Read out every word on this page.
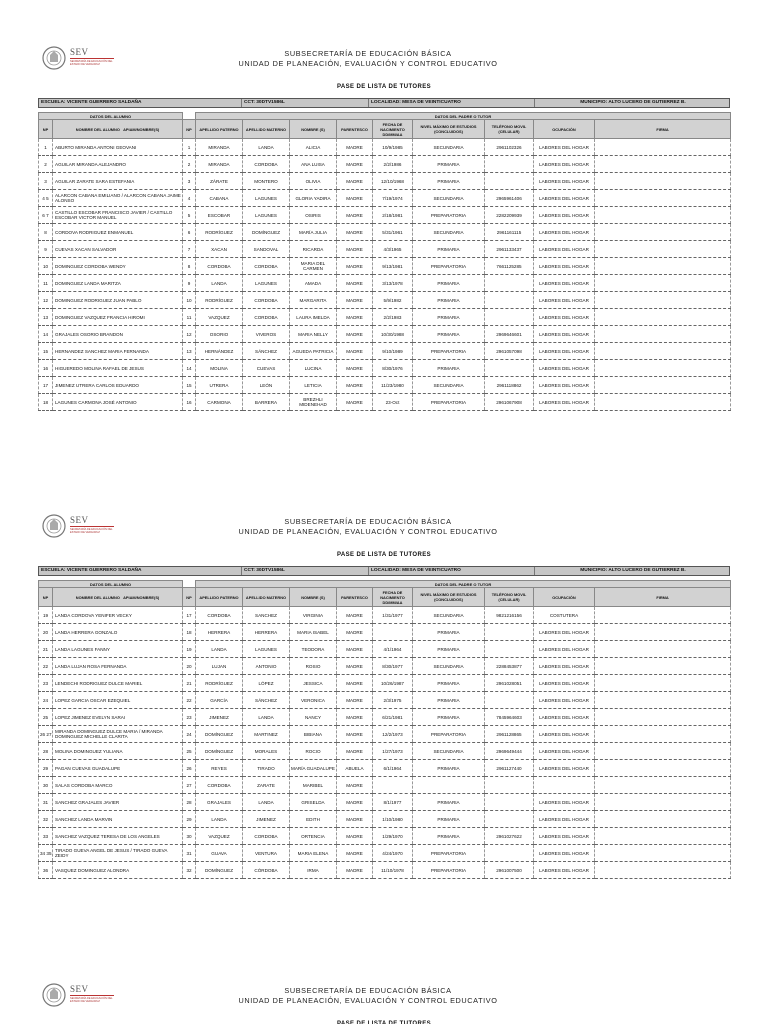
SEV
SECRETARÍA DE EDUCACIÓN DEL ESTADO DE VERACRUZ
SUBSECRETARÍA DE EDUCACIÓN BÁSICA
UNIDAD DE PLANEACIÓN, EVALUACIÓN Y CONTROL EDUCATIVO
PASE DE LISTA DE TUTORES
ESCUELA: VICENTE GUERRERO SALDAÑA	CCT: 30DTV1586L	LOCALIDAD: MESA DE VEINTICUATRO	MUNICIPIO: ALTO LUCERO DE GUTIERREZ B.
DATOS DEL ALUMNO			DATOS DEL PADRE O TUTOR								
NP	NOMBRE DEL ALUMNO APIAM/NOMBRE(S)	NP	APELLIDO PATERNO	APELLIDO MATERNO	NOMBRE (S)	PARENTESCO	FECHA DE NACIMIENTO DD/MM/AA	NIVEL MÁXIMO DE ESTUDIOS (CONCLUIDOS)	TELÉFONO MOVIL (CELULAR)	OCUPACIÓN	FIRMA
1	ABURTO MIRANDA ANTONI GEOVANI	1	MIRANDA	LANDA	ALICIA	MADRE	10/9/1985	SECUNDARIA	2961102326	LABORES DEL HOGAR	
2	AGUILAR MIRANDA ALEJANDRO	2	MIRANDA	CORDOBA	ANA LUISA	MADRE	2/2/1986	PRIMARIA		LABORES DEL HOGAR	
3	AGUILAR ZARATE SARA ESTEFANIA	3	ZÁRATE	MONTERO	OLIVIA	MADRE	12/10/1968	PRIMARIA		LABORES DEL HOGAR	
4 5	ALARCON CABANA EMILIANO / ALARCON CABANA JAIME ALONSO	4	CABANA	LAGUNES	GLORIA YADIRA	MADRE	7/19/1974	SECUNDARIA	2965961406	LABORES DEL HOGAR	
6 7	CASTILLO ESCOBAR FRANCISCO JAVIER / CASTILLO ESCOBAR VICTOR MANUEL	5	ESCOBAR	LAGUNES	OSIRIS	MADRE	2/18/1981	PREPARATORIA	2282209939	LABORES DEL HOGAR	
8	CORDOVA RODRIGUEZ ENMANUEL	6	RODRÍGUEZ	DOMÍNGUEZ	MARÍA JULIA	MADRE	5/31/1961	SECUNDARIA	2961161115	LABORES DEL HOGAR	
9	CUEVAS XACAN SALVADOR	7	XACAN	SANDOVAL	RICARDA	MADRE	4/3/1965	PRIMARIA	2961133437	LABORES DEL HOGAR	
10	DOMINGUEZ CORDOBA WENDY	8	CORDOBA	CORDOBA	MARIA DEL CARMEN	MADRE	9/13/1981	PREPARATORIA	7661125285	LABORES DEL HOGAR	
11	DOMINGUEZ LANDA MARITZA	9	LANDA	LAGUNES	AMADA	MADRE	3/13/1978	PRIMARIA		LABORES DEL HOGAR	
12	DOMINGUEZ RODRIGUEZ JUAN PABLO	10	RODRÍGUEZ	CORDOBA	MARGARITA	MADRE	5/9/1982	PRIMARIA		LABORES DEL HOGAR	
13	DOMINGUEZ VAZQUEZ FRANCIA HIROMI	11	VAZQUEZ	CORDOBA	LAURA IMELDA	MADRE	2/2/1983	PRIMARIA		LABORES DEL HOGAR	
14	GRAJALES OSORIO BRANDON	12	OSORIO	VIVEROS	MARIA NELLY	MADRE	10/30/1988	PRIMARIA	2969646601	LABORES DEL HOGAR	
15	HERNANDEZ SANCHEZ MARIA FERNANDA	13	HERNÁNDEZ	SÁNCHEZ	AGUEDA PATRICIA	MADRE	9/10/1989	PREPARATORIA	2961057098	LABORES DEL HOGAR	
16	HIGUEREDO MOLINA RAFAEL DE JESUS	14	MOLINA	CUEVAS	LUCINA	MADRE	8/30/1976	PRIMARIA		LABORES DEL HOGAR	
17	JIMENEZ UTRERA CARLOS EDUARDO	15	UTRERA	LEÓN	LETICIA	MADRE	11/23/1980	SECUNDARIA	2961118862	LABORES DEL HOGAR	
18	LAGUNES CARMONA JOSÉ ANTONIO	16	CARMONA	BARRERA	BREZHLI MIDENEHAD	MADRE	23-Oct	PREPARATORIA	2961067908	LABORES DEL HOGAR	
SEV
SECRETARÍA DE EDUCACIÓN DEL ESTADO DE VERACRUZ
SUBSECRETARÍA DE EDUCACIÓN BÁSICA
UNIDAD DE PLANEACIÓN, EVALUACIÓN Y CONTROL EDUCATIVO
PASE DE LISTA DE TUTORES
ESCUELA: VICENTE GUERRERO SALDAÑA	CCT: 30DTV1586L	LOCALIDAD: MESA DE VEINTICUATRO	MUNICIPIO: ALTO LUCERO DE GUTIERREZ B.
DATOS DEL ALUMNO			DATOS DEL PADRE O TUTOR								
NP	NOMBRE DEL ALUMNO APIAM/NOMBRE(S)	NP	APELLIDO PATERNO	APELLIDO MATERNO	NOMBRE (S)	PARENTESCO	FECHA DE NACIMIENTO DD/MM/AA	NIVEL MÁXIMO DE ESTUDIOS (CONCLUIDOS)	TELÉFONO MOVIL (CELULAR)	OCUPACIÓN	FIRMA
19	LANDA CORDOVA YENIFER VECKY	17	CORDOBA	SANCHEZ	VIRGINIA	MADRE	1/31/1977	SECUNDARIA	9821216156	COSTUTERA	
20	LANDA HERRERA GONZALO	18	HERRERA	HERRERA	MARIA ISABEL	MADRE		PRIMARIA		LABORES DEL HOGAR	
21	LANDA LAGUNES FANNY	19	LANDA	LAGUNES	TEODORA	MADRE	4/1/1964	PRIMARIA		LABORES DEL HOGAR	
22	LANDA LUJAN ROSA FERNANDA	20	LUJAN	ANTONIO	ROSIO	MADRE	8/30/1977	SECUNDARIA	2288453877	LABORES DEL HOGAR	
23	LENDECHI RODRIGUEZ DULCE MARIEL	21	RODRÍGUEZ	LÓPEZ	JESSICA	MADRE	10/26/1987	PRIMARIA	2961028051	LABORES DEL HOGAR	
24	LOPEZ GARCIA OSCAR EZEQUIEL	22	GARCÍA	SÁNCHEZ	VERONICA	MADRE	2/3/1975	PRIMARIA		LABORES DEL HOGAR	
25	LOPEZ JIMENEZ EVELYN SARAI	23	JIMENEZ	LANDA	NANCY	MADRE	6/21/1981	PRIMARIA	7845964603	LABORES DEL HOGAR	
26 27	MIRANDA DOMINGUEZ DULCE MARIA / MIRANDA DOMINGUEZ MICHELLE CLARITA	24	DOMÍNGUEZ	MARTINEZ	BIBIANA	MADRE	12/2/1973	PREPARATORIA	2961128865	LABORES DEL HOGAR	
28	MOLINA DOMINGUEZ YULIANA	25	DOMÍNGUEZ	MORALES	ROCIO	MADRE	1/27/1973	SECUNDARIA	2969649444	LABORES DEL HOGAR	
29	PAGAN CUEVAS GUADALUPE	26	REYES	TIRADO	MARÍA GUADALUPE	ABUELA	6/1/1964	PRIMARIA	2961127440	LABORES DEL HOGAR	
30	SALAS CORDOBA MARCO	27	CORDOBA	ZARATE	MARIBEL	MADRE					
31	SANCHEZ GRAJALES JAVIER	28	GRAJALES	LANDA	GRISELDA	MADRE	8/1/1977	PRIMARIA		LABORES DEL HOGAR	
32	SANCHEZ LANDA MARVIN	29	LANDA	JIMENEZ	EDITH	MADRE	1/10/1980	PRIMARIA		LABORES DEL HOGAR	
33	SANCHEZ VAZQUEZ TERESA DE LOS ANGELES	30	VAZQUEZ	CORDOBA	ORTENCIA	MADRE	1/29/1970	PRIMARIA	2961027622	LABORES DEL HOGAR	
34 35	TIRADO GUEVA ANGEL DE JESUS / TIRADO GUEVA ZEIDY	31	GUAVA	VENTURA	MARIA ELENA	MADRE	4/24/1970	PREPARATORIA		LABORES DEL HOGAR	
36	VASQUEZ DOMINGUEZ ALONDRA	32	DOMÍNGUEZ	CÓRDOBA	IRMA	MADRE	11/10/1978	PREPARATORIA	2961007500	LABORES DEL HOGAR	
SEV
SECRETARÍA DE EDUCACIÓN DEL ESTADO DE VERACRUZ
SUBSECRETARÍA DE EDUCACIÓN BÁSICA
UNIDAD DE PLANEACIÓN, EVALUACIÓN Y CONTROL EDUCATIVO
PASE DE LISTA DE TUTORES
